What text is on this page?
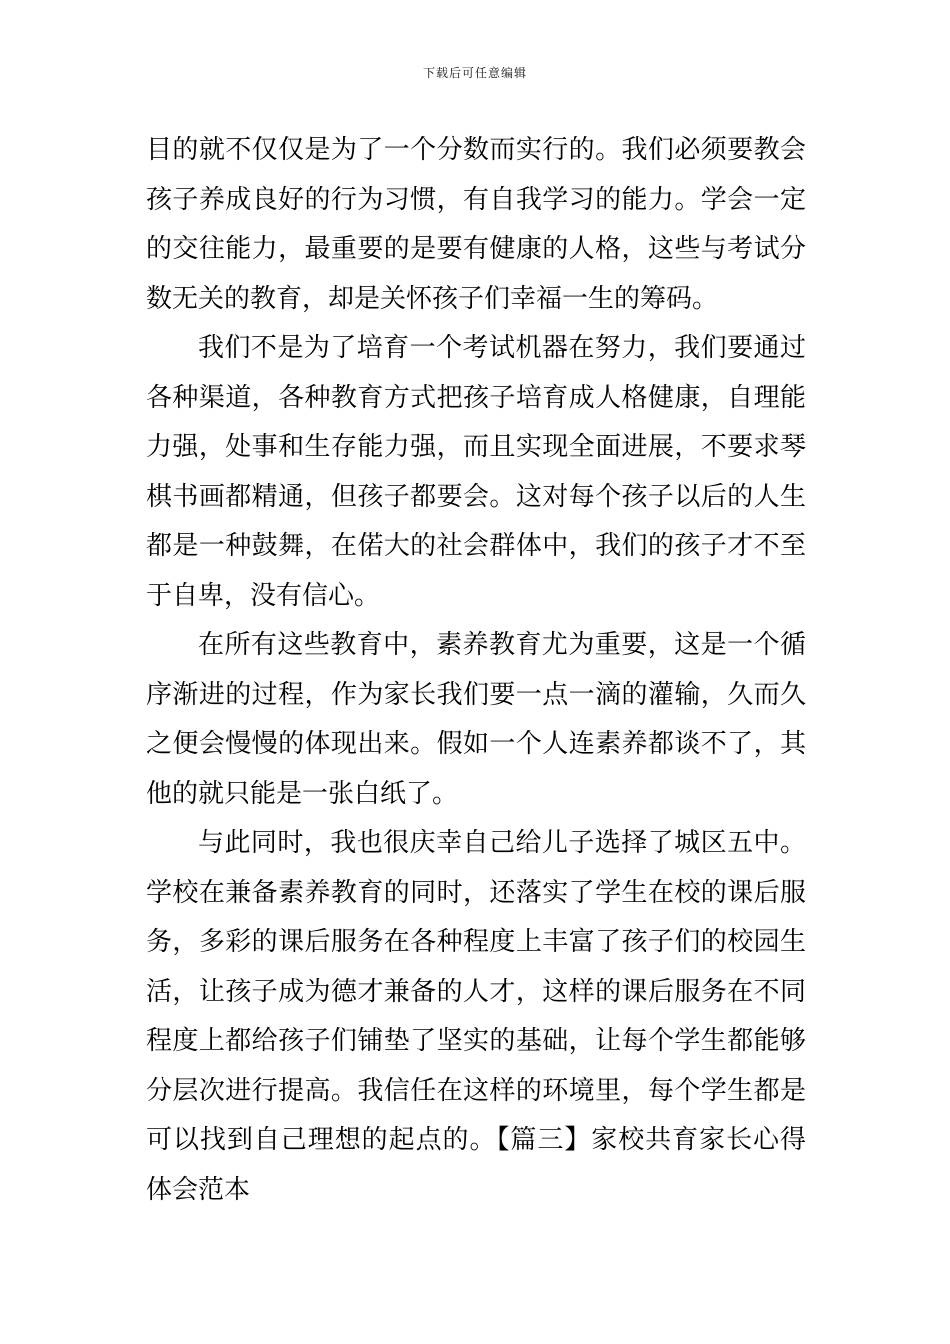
下载后可任意编辑

目的就不仅仅是为了一个分数而实行的。我们必须要教会孩子养成良好的行为习惯，有自我学习的能力。学会一定的交往能力，最重要的是要有健康的人格，这些与考试分数无关的教育，却是关怀孩子们幸福一生的筹码。

我们不是为了培育一个考试机器在努力，我们要通过各种渠道，各种教育方式把孩子培育成人格健康，自理能力强，处事和生存能力强，而且实现全面进展，不要求琴棋书画都精通，但孩子都要会。这对每个孩子以后的人生都是一种鼓舞，在偌大的社会群体中，我们的孩子才不至于自卑，没有信心。

在所有这些教育中，素养教育尤为重要，这是一个循序渐进的过程，作为家长我们要一点一滴的灌输，久而久之便会慢慢的体现出来。假如一个人连素养都谈不了，其他的就只能是一张白纸了。

与此同时，我也很庆幸自己给儿子选择了城区五中。学校在兼备素养教育的同时，还落实了学生在校的课后服务，多彩的课后服务在各种程度上丰富了孩子们的校园生活，让孩子成为德才兼备的人才，这样的课后服务在不同程度上都给孩子们铺垫了坚实的基础，让每个学生都能够分层次进行提高。我信任在这样的环境里，每个学生都是可以找到自己理想的起点的。【篇三】家校共育家长心得体会范本
